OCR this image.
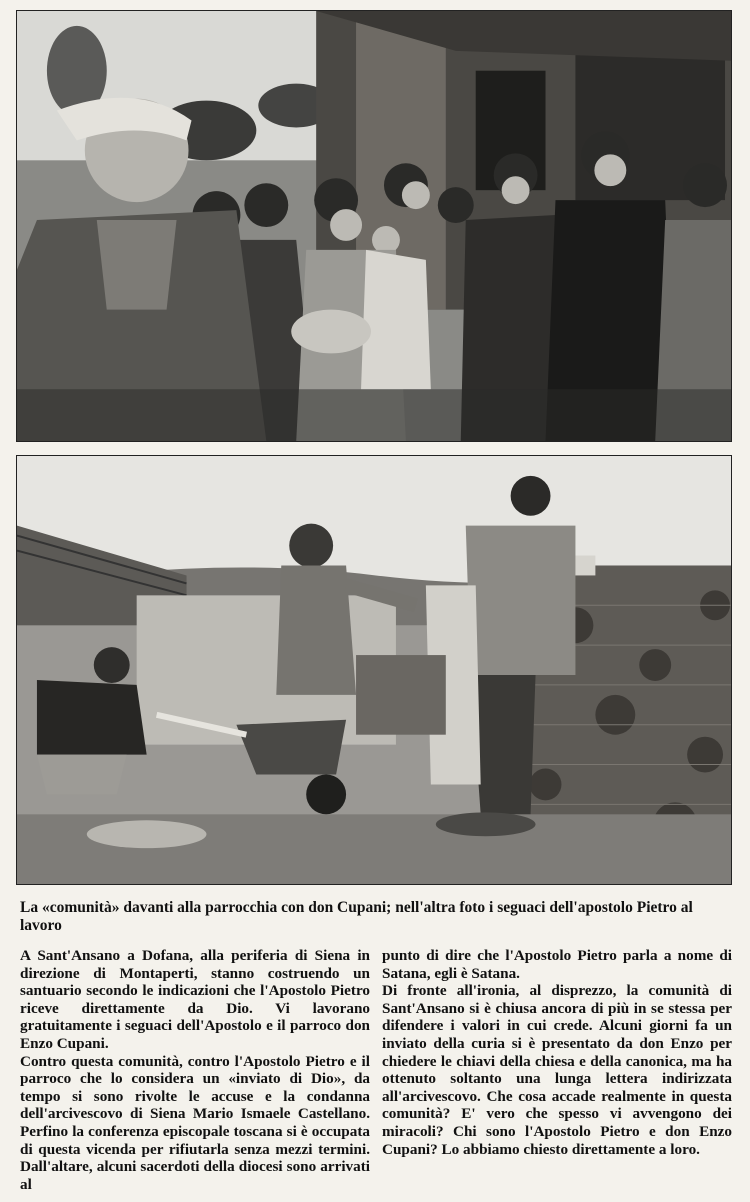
La «comunità» davanti alla parrocchia con don Cupani; nell'altra foto i seguaci dell'apostolo Pietro al lavoro

A Sant'Ansano a Dofana, alla periferia di Siena in direzione di Montaperti, stanno costruendo un santuario secondo le indicazioni che l'Apostolo Pietro riceve direttamente da Dio. Vi lavorano gratuitamente i seguaci dell'Apostolo e il parroco don Enzo Cupani.

Contro questa comunità, contro l'Apostolo Pietro e il parroco che lo considera un «inviato di Dio», da tempo si sono rivolte le accuse e la condanna dell'arcivescovo di Siena Mario Ismaele Castellano. Perfino la conferenza episcopale toscana si è occupata di questa vicenda per rifiutarla senza mezzi termini. Dall'altare, alcuni sacerdoti della diocesi sono arrivati al

punto di dire che l'Apostolo Pietro parla a nome di Satana, egli è Satana.

Di fronte all'ironia, al disprezzo, la comunità di Sant'Ansano si è chiusa ancora di più in se stessa per difendere i valori in cui crede. Alcuni giorni fa un inviato della curia si è presentato da don Enzo per chiedere le chiavi della chiesa e della canonica, ma ha ottenuto soltanto una lunga lettera indirizzata all'arcivescovo. Che cosa accade realmente in questa comunità? E' vero che spesso vi avvengono dei miracoli? Chi sono l'Apostolo Pietro e don Enzo Cupani? Lo abbiamo chiesto direttamente a loro.
